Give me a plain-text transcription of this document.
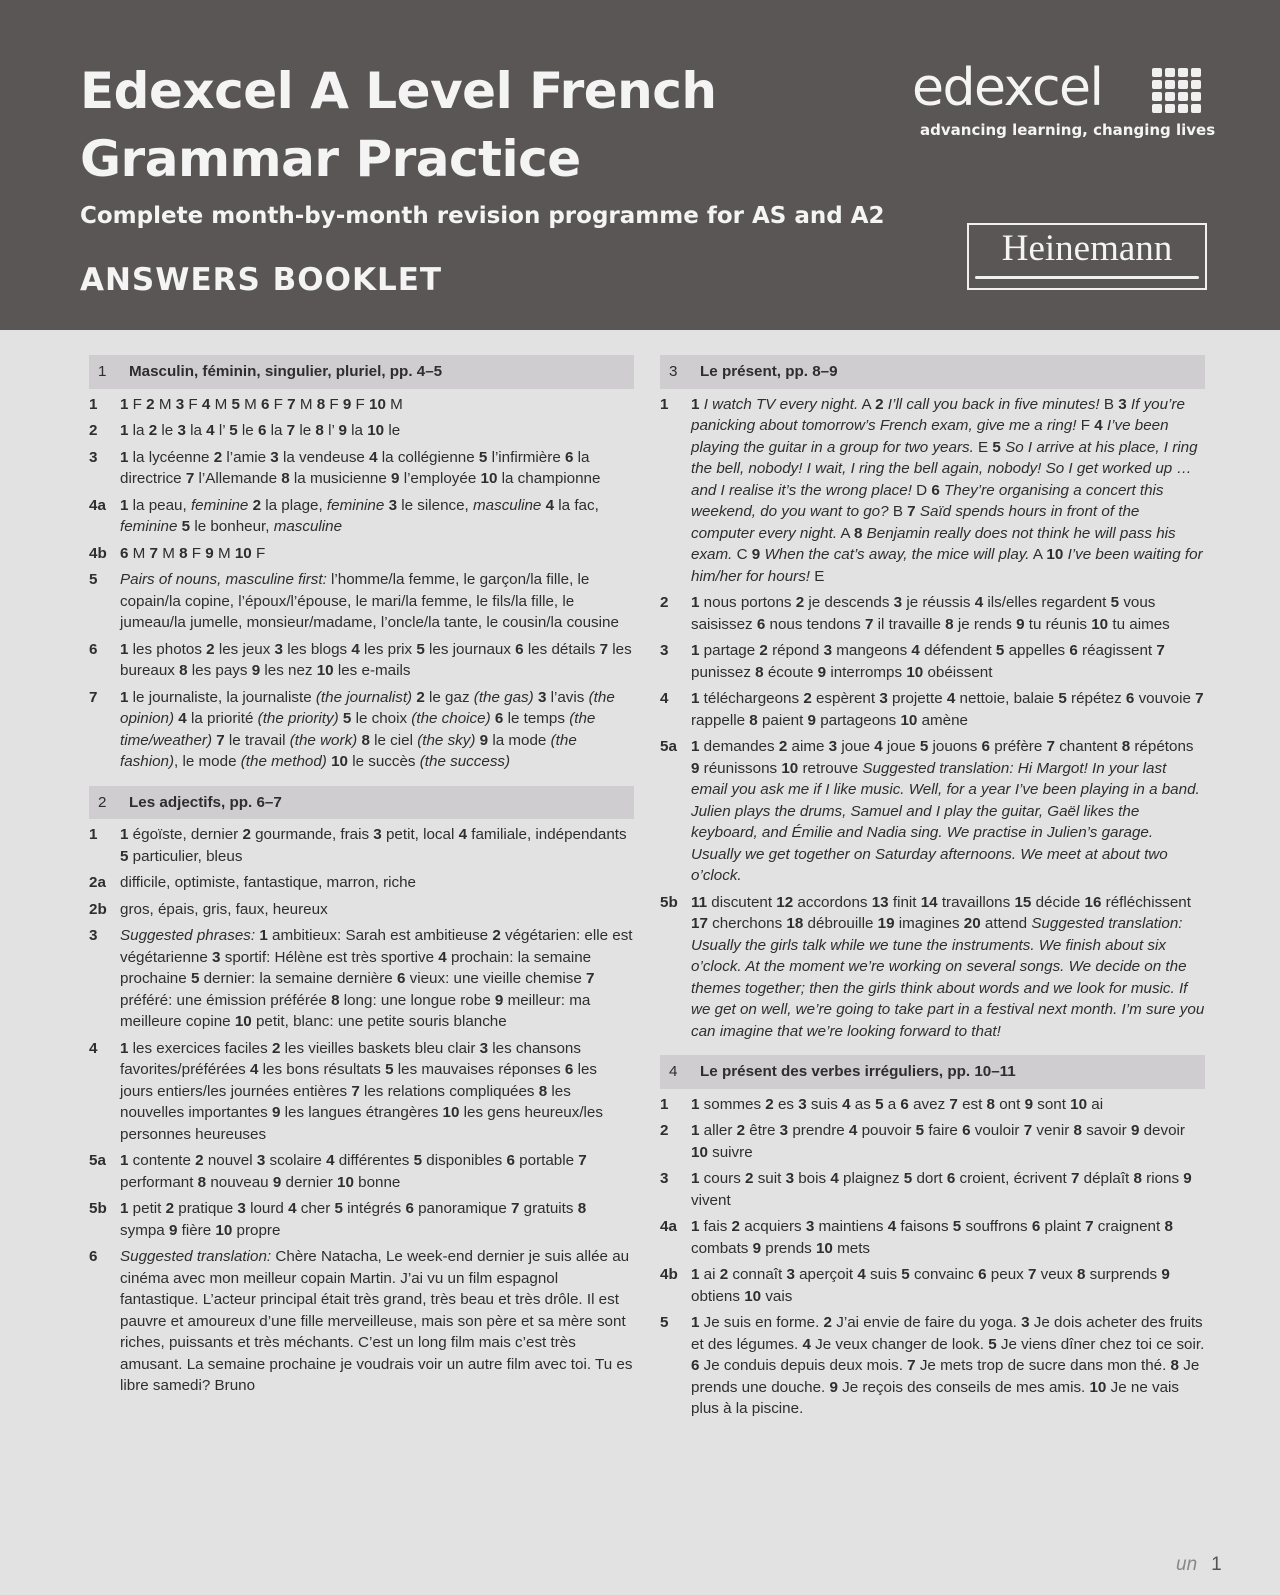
Edexcel A Level French
Grammar Practice
Complete month-by-month revision programme for AS and A2
ANSWERS BOOKLET
edexcel
advancing learning, changing lives
Heinemann
1	Masculin, féminin, singulier, pluriel, pp. 4–5
1	1 F 2 M 3 F 4 M 5 M 6 F 7 M 8 F 9 F 10 M
2	1 la 2 le 3 la 4 l’ 5 le 6 la 7 le 8 l’ 9 la 10 le
3	1 la lycéenne 2 l’amie 3 la vendeuse 4 la collégienne 5 l’infirmière 6 la directrice 7 l’Allemande 8 la musicienne 9 l’employée 10 la championne
4a 1 la peau, feminine 2 la plage, feminine 3 le silence, masculine 4 la fac, feminine 5 le bonheur, masculine
4b 6 M 7 M 8 F 9 M 10 F
5	Pairs of nouns, masculine first: l’homme/la femme, le garçon/la fille, le copain/la copine, l’époux/l’épouse, le mari/la femme, le fils/la fille, le jumeau/la jumelle, monsieur/madame, l’oncle/la tante, le cousin/la cousine
6	1 les photos 2 les jeux 3 les blogs 4 les prix 5 les journaux 6 les détails 7 les bureaux 8 les pays 9 les nez 10 les e-mails
7	1 le journaliste, la journaliste (the journalist) 2 le gaz (the gas) 3 l’avis (the opinion) 4 la priorité (the priority) 5 le choix (the choice) 6 le temps (the time/weather) 7 le travail (the work) 8 le ciel (the sky) 9 la mode (the fashion), le mode (the method) 10 le succès (the success)
2	Les adjectifs, pp. 6–7
1	1 égoïste, dernier 2 gourmande, frais 3 petit, local 4 familiale, indépendants 5 particulier, bleus
2a difficile, optimiste, fantastique, marron, riche
2b gros, épais, gris, faux, heureux
3	Suggested phrases: 1 ambitieux: Sarah est ambitieuse 2 végétarien: elle est végétarienne 3 sportif: Hélène est très sportive 4 prochain: la semaine prochaine 5 dernier: la semaine dernière 6 vieux: une vieille chemise 7 préféré: une émission préférée 8 long: une longue robe 9 meilleur: ma meilleure copine 10 petit, blanc: une petite souris blanche
4	1 les exercices faciles 2 les vieilles baskets bleu clair 3 les chansons favorites/préférées 4 les bons résultats 5 les mauvaises réponses 6 les jours entiers/les journées entières 7 les relations compliquées 8 les nouvelles importantes 9 les langues étrangères 10 les gens heureux/les personnes heureuses
5a 1 contente 2 nouvel 3 scolaire 4 différentes 5 disponibles 6 portable 7 performant 8 nouveau 9 dernier 10 bonne
5b 1 petit 2 pratique 3 lourd 4 cher 5 intégrés 6 panoramique 7 gratuits 8 sympa 9 fière 10 propre
6	Suggested translation: Chère Natacha, Le week-end dernier je suis allée au cinéma avec mon meilleur copain Martin. J’ai vu un film espagnol fantastique. L’acteur principal était très grand, très beau et très drôle. Il est pauvre et amoureux d’une fille merveilleuse, mais son père et sa mère sont riches, puissants et très méchants. C’est un long film mais c’est très amusant. La semaine prochaine je voudrais voir un autre film avec toi. Tu es libre samedi? Bruno
3	Le présent, pp. 8–9
1	1 I watch TV every night. A 2 I’ll call you back in five minutes! B 3 If you’re panicking about tomorrow’s French exam, give me a ring! F 4 I’ve been playing the guitar in a group for two years. E 5 So I arrive at his place, I ring the bell, nobody! I wait, I ring the bell again, nobody! So I get worked up … and I realise it’s the wrong place! D 6 They’re organising a concert this weekend, do you want to go? B 7 Saïd spends hours in front of the computer every night. A 8 Benjamin really does not think he will pass his exam. C 9 When the cat’s away, the mice will play. A 10 I’ve been waiting for him/her for hours! E
2	1 nous portons 2 je descends 3 je réussis 4 ils/elles regardent 5 vous saisissez 6 nous tendons 7 il travaille 8 je rends 9 tu réunis 10 tu aimes
3	1 partage 2 répond 3 mangeons 4 défendent 5 appelles 6 réagissent 7 punissez 8 écoute 9 interromps 10 obéissent
4	1 téléchargeons 2 espèrent 3 projette 4 nettoie, balaie 5 répétez 6 vouvoie 7 rappelle 8 paient 9 partageons 10 amène
5a 1 demandes 2 aime 3 joue 4 joue 5 jouons 6 préfère 7 chantent 8 répétons 9 réunissons 10 retrouve Suggested translation: Hi Margot! In your last email you ask me if I like music. Well, for a year I’ve been playing in a band. Julien plays the drums, Samuel and I play the guitar, Gaël likes the keyboard, and Émilie and Nadia sing. We practise in Julien’s garage. Usually we get together on Saturday afternoons. We meet at about two o’clock.
5b 11 discutent 12 accordons 13 finit 14 travaillons 15 décide 16 réfléchissent 17 cherchons 18 débrouille 19 imagines 20 attend Suggested translation: Usually the girls talk while we tune the instruments. We finish about six o’clock. At the moment we’re working on several songs. We decide on the themes together; then the girls think about words and we look for music. If we get on well, we’re going to take part in a festival next month. I’m sure you can imagine that we’re looking forward to that!
4	Le présent des verbes irréguliers, pp. 10–11
1	1 sommes 2 es 3 suis 4 as 5 a 6 avez 7 est 8 ont 9 sont 10 ai
2	1 aller 2 être 3 prendre 4 pouvoir 5 faire 6 vouloir 7 venir 8 savoir 9 devoir 10 suivre
3	1 cours 2 suit 3 bois 4 plaignez 5 dort 6 croient, écrivent 7 déplaît 8 rions 9 vivent
4a 1 fais 2 acquiers 3 maintiens 4 faisons 5 souffrons 6 plaint 7 craignent 8 combats 9 prends 10 mets
4b 1 ai 2 connaît 3 aperçoit 4 suis 5 convainc 6 peux 7 veux 8 surprends 9 obtiens 10 vais
5	1 Je suis en forme. 2 J’ai envie de faire du yoga. 3 Je dois acheter des fruits et des légumes. 4 Je veux changer de look. 5 Je viens dîner chez toi ce soir. 6 Je conduis depuis deux mois. 7 Je mets trop de sucre dans mon thé. 8 Je prends une douche. 9 Je reçois des conseils de mes amis. 10 Je ne vais plus à la piscine.
un 1
